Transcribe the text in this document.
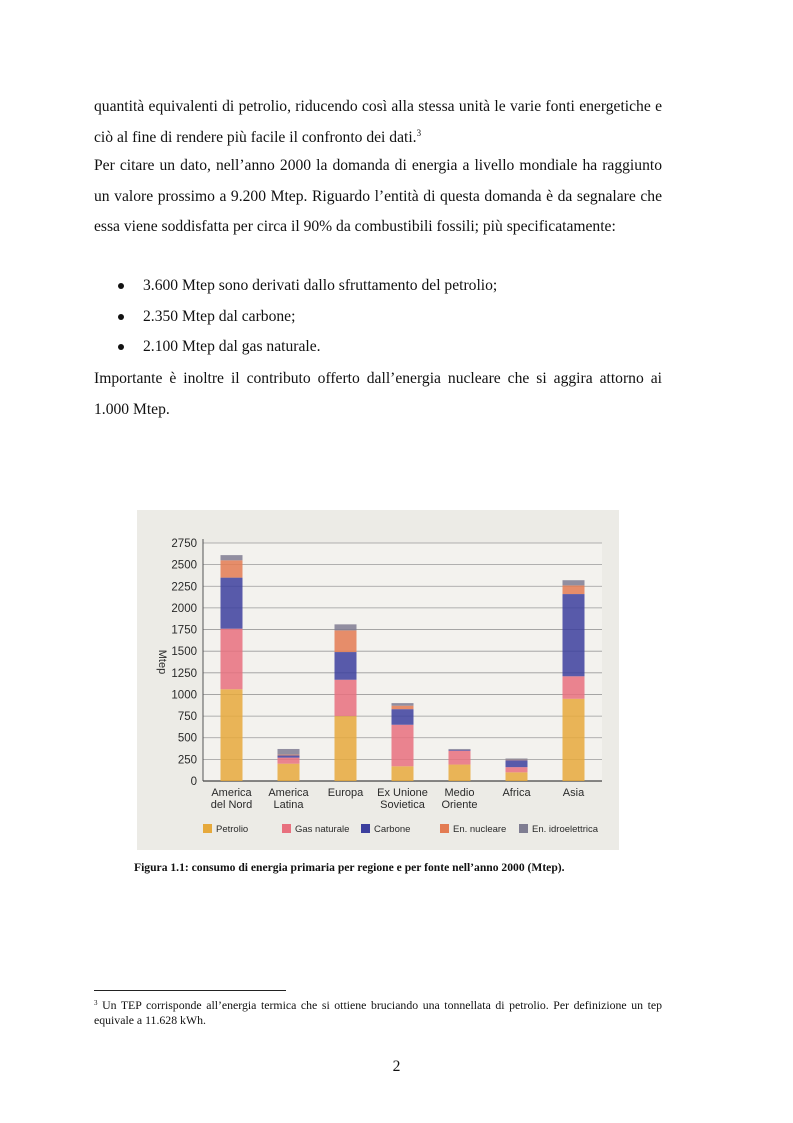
quantità equivalenti di petrolio, riducendo così alla stessa unità le varie fonti energetiche e ciò al fine di rendere più facile il confronto dei dati.$^3$
Per citare un dato, nell’anno 2000 la domanda di energia a livello mondiale ha raggiunto un valore prossimo a 9.200 Mtep. Riguardo l’entità di questa domanda è da segnalare che essa viene soddisfatta per circa il 90% da combustibili fossili; più specificatamente:
3.600 Mtep sono derivati dallo sfruttamento del petrolio;
2.350 Mtep dal carbone;
2.100 Mtep dal gas naturale.
Importante è inoltre il contributo offerto dall’energia nucleare che si aggira attorno ai 1.000 Mtep.
0
250
500
750
1000
1250
1500
1750
2000
2250
2500
2750
Mtep
America
del Nord
America
Latina
Europa Ex Unione
Sovietica
Medio
Oriente
Africa	Asia
Petrolio	Gas naturale	Carbone	En. nucleare	En. idroelettrica
Figura 1.1: consumo di energia primaria per regione e per fonte nell’anno 2000 (Mtep).
$^3$ Un TEP corrisponde all’energia termica che si ottiene bruciando una tonnellata di petrolio. Per definizione un tep equivale a 11.628 kWh.
2
